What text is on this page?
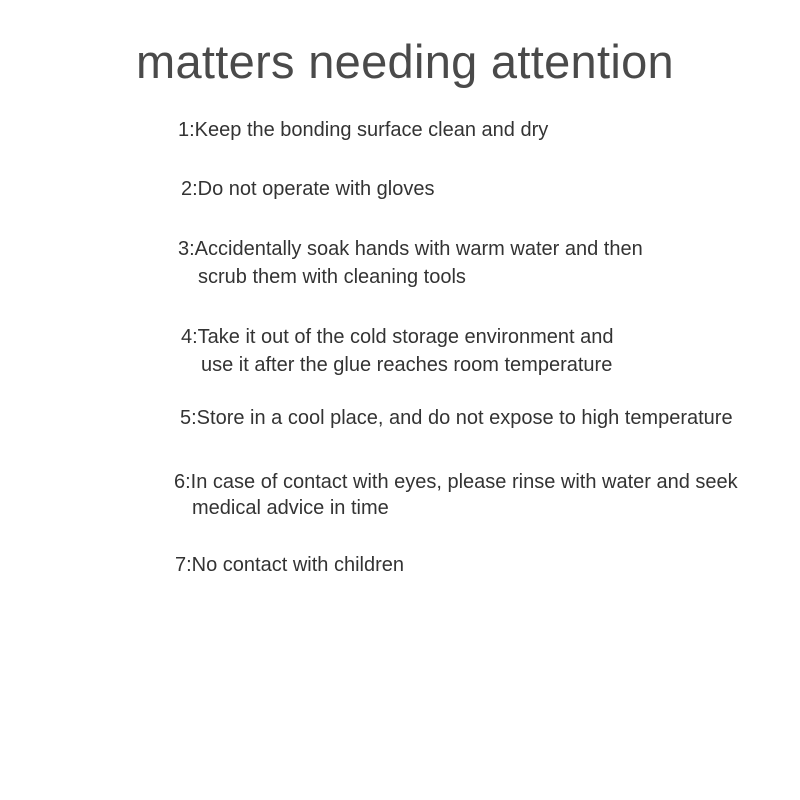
matters needing attention
1:Keep the bonding surface clean and dry
2:Do not operate with gloves
3:Accidentally soak hands with warm water and then
scrub them with cleaning tools
4:Take it out of the cold storage environment and
use it after the glue reaches room temperature
5:Store in a cool place, and do not expose to high temperature
6:In case of contact with eyes, please rinse with water and seek
medical advice in time
7:No contact with children
